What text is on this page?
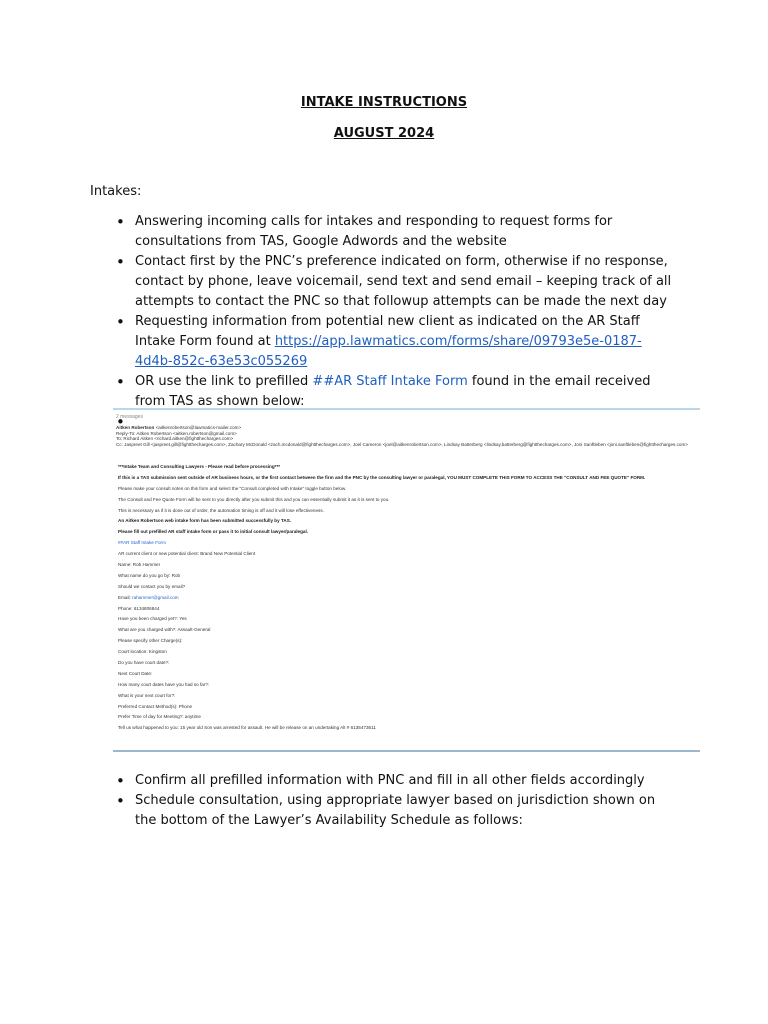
INTAKE INSTRUCTIONS
AUGUST 2024
Intakes:
• Answering incoming calls for intakes and responding to request forms for consultations from TAS, Google Adwords and the website
• Contact first by the PNC’s preference indicated on form, otherwise if no response, contact by phone, leave voicemail, send text and send email – keeping track of all attempts to contact the PNC so that followup attempts can be made the next day
• Requesting information from potential new client as indicated on the AR Staff Intake Form found at https://app.lawmatics.com/forms/share/09793e5e-0187-4d4b-852c-63e53c055269
• OR use the link to prefilled ##AR Staff Intake Form found in the email received from TAS as shown below:
•
2 messages
Aitken Robertson <aitkenrobertson@lawmatics-mailer.com>
Reply-To: Aitken Robertson <aitken.robertson@gmail.com>
To: Richard Aitken <richard.aitken@fightthecharges.com>
Cc: Jaspreet Gill <jaspreet.gill@fightthecharges.com>, Zachary McDonald <zach.mcdonald@fightthecharges.com>, Joel Cameron <joel@aitkenrobertson.com>, Lindsay Batterberg <lindsay.batterberg@fightthecharges.com>, Joni Sanftleben <joni.sanftleben@fightthecharges.com>
***Intake Team and Consulting Lawyers - Please read before processing***
If this is a TAS submission sent outside of AR business hours, or the first contact between the firm and the PNC by the consulting lawyer or paralegal, YOU MUST COMPLETE THIS FORM TO ACCESS THE "CONSULT AND FEE QUOTE" FORM.
Please make your consult notes on this form and select the "Consult completed with Intake" toggle button below.
The Consult and Fee Quote Form will be sent to you directly after you submit this and you can essentially submit it as it is sent to you.
This is necessary as if it is done out of order, the automation timing is off and it will lose effectiveness.
An Aitken Robertson web intake form has been submitted successfully by TAS.
Please fill out prefilled AR staff intake form or pass it to initial consult lawyer/paralegal.
##AR Staff Intake Form
AR current client or new potential client: Brand New Potential Client
Name: Rob Hammer
What name do you go by: Rob
Should we contact you by email?
Email: rahammer@gmail.com
Phone: 6134806844
Have you been charged yet?: Yes
What are you charged with?: Assault-General
Please specify other Charge(s):
Court location: Kingston
Do you have court date?:
Next Court Date:
How many court dates have you had so far?:
What is your next court for?:
Preferred Contact Method(s): Phone
Prefer Time of day for Meeting?: anytime
Tell us what happened to you: 15 year old Son was arrested for assault. He will be release on an undertaking Alt # 6135473611
• Confirm all prefilled information with PNC and fill in all other fields accordingly
• Schedule consultation, using appropriate lawyer based on jurisdiction shown on the bottom of the Lawyer’s Availability Schedule as follows:
